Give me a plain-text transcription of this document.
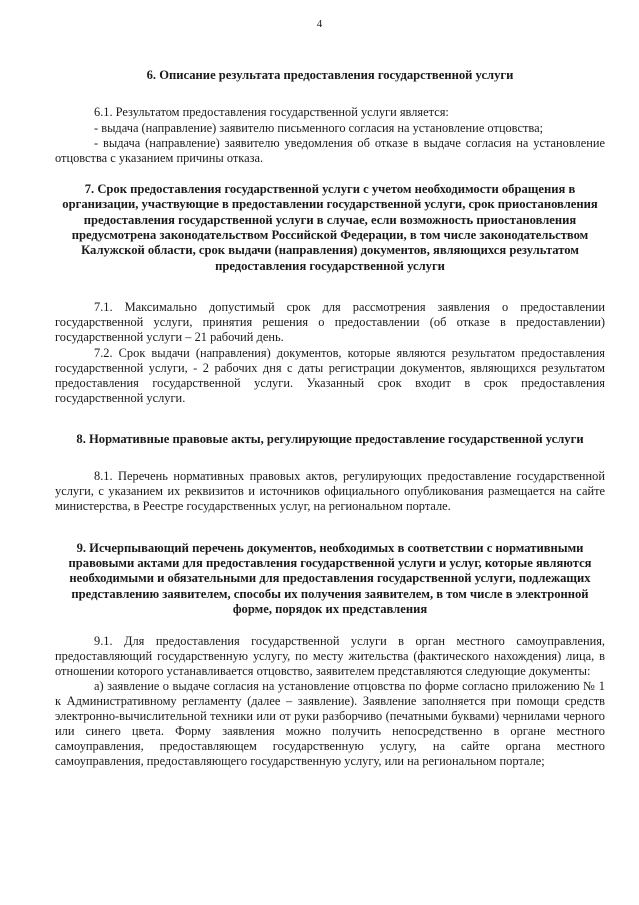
4
6. Описание результата предоставления государственной услуги
6.1. Результатом предоставления государственной услуги является:
- выдача (направление) заявителю письменного согласия на установление отцовства;
- выдача (направление) заявителю уведомления об отказе в выдаче согласия на установление отцовства с указанием причины отказа.
7. Срок предоставления государственной услуги с учетом необходимости обращения в организации, участвующие в предоставлении государственной услуги, срок приостановления предоставления государственной услуги в случае, если возможность приостановления предусмотрена законодательством Российской Федерации, в том числе законодательством Калужской области, срок выдачи (направления) документов, являющихся результатом предоставления государственной услуги
7.1. Максимально допустимый срок для рассмотрения заявления о предоставлении государственной услуги, принятия решения о предоставлении (об отказе в предоставлении) государственной услуги – 21 рабочий день.
7.2. Срок выдачи (направления) документов, которые являются результатом предоставления государственной услуги, - 2 рабочих дня с даты регистрации документов, являющихся результатом предоставления государственной услуги. Указанный срок входит в срок предоставления государственной услуги.
8. Нормативные правовые акты, регулирующие предоставление государственной услуги
8.1. Перечень нормативных правовых актов, регулирующих предоставление государственной услуги, с указанием их реквизитов и источников официального опубликования размещается на сайте министерства, в Реестре государственных услуг, на региональном портале.
9. Исчерпывающий перечень документов, необходимых в соответствии с нормативными правовыми актами для предоставления государственной услуги и услуг, которые являются необходимыми и обязательными для предоставления государственной услуги, подлежащих представлению заявителем, способы их получения заявителем, в том числе в электронной форме, порядок их представления
9.1. Для предоставления государственной услуги в орган местного самоуправления, предоставляющий государственную услугу, по месту жительства (фактического нахождения) лица, в отношении которого устанавливается отцовство, заявителем представляются следующие документы:
а) заявление о выдаче согласия на установление отцовства по форме согласно приложению № 1 к Административному регламенту (далее – заявление). Заявление заполняется при помощи средств электронно-вычислительной техники или от руки разборчиво (печатными буквами) чернилами черного или синего цвета. Форму заявления можно получить непосредственно в органе местного самоуправления, предоставляющем государственную услугу, на сайте органа местного самоуправления, предоставляющего государственную услугу, или на региональном портале;
